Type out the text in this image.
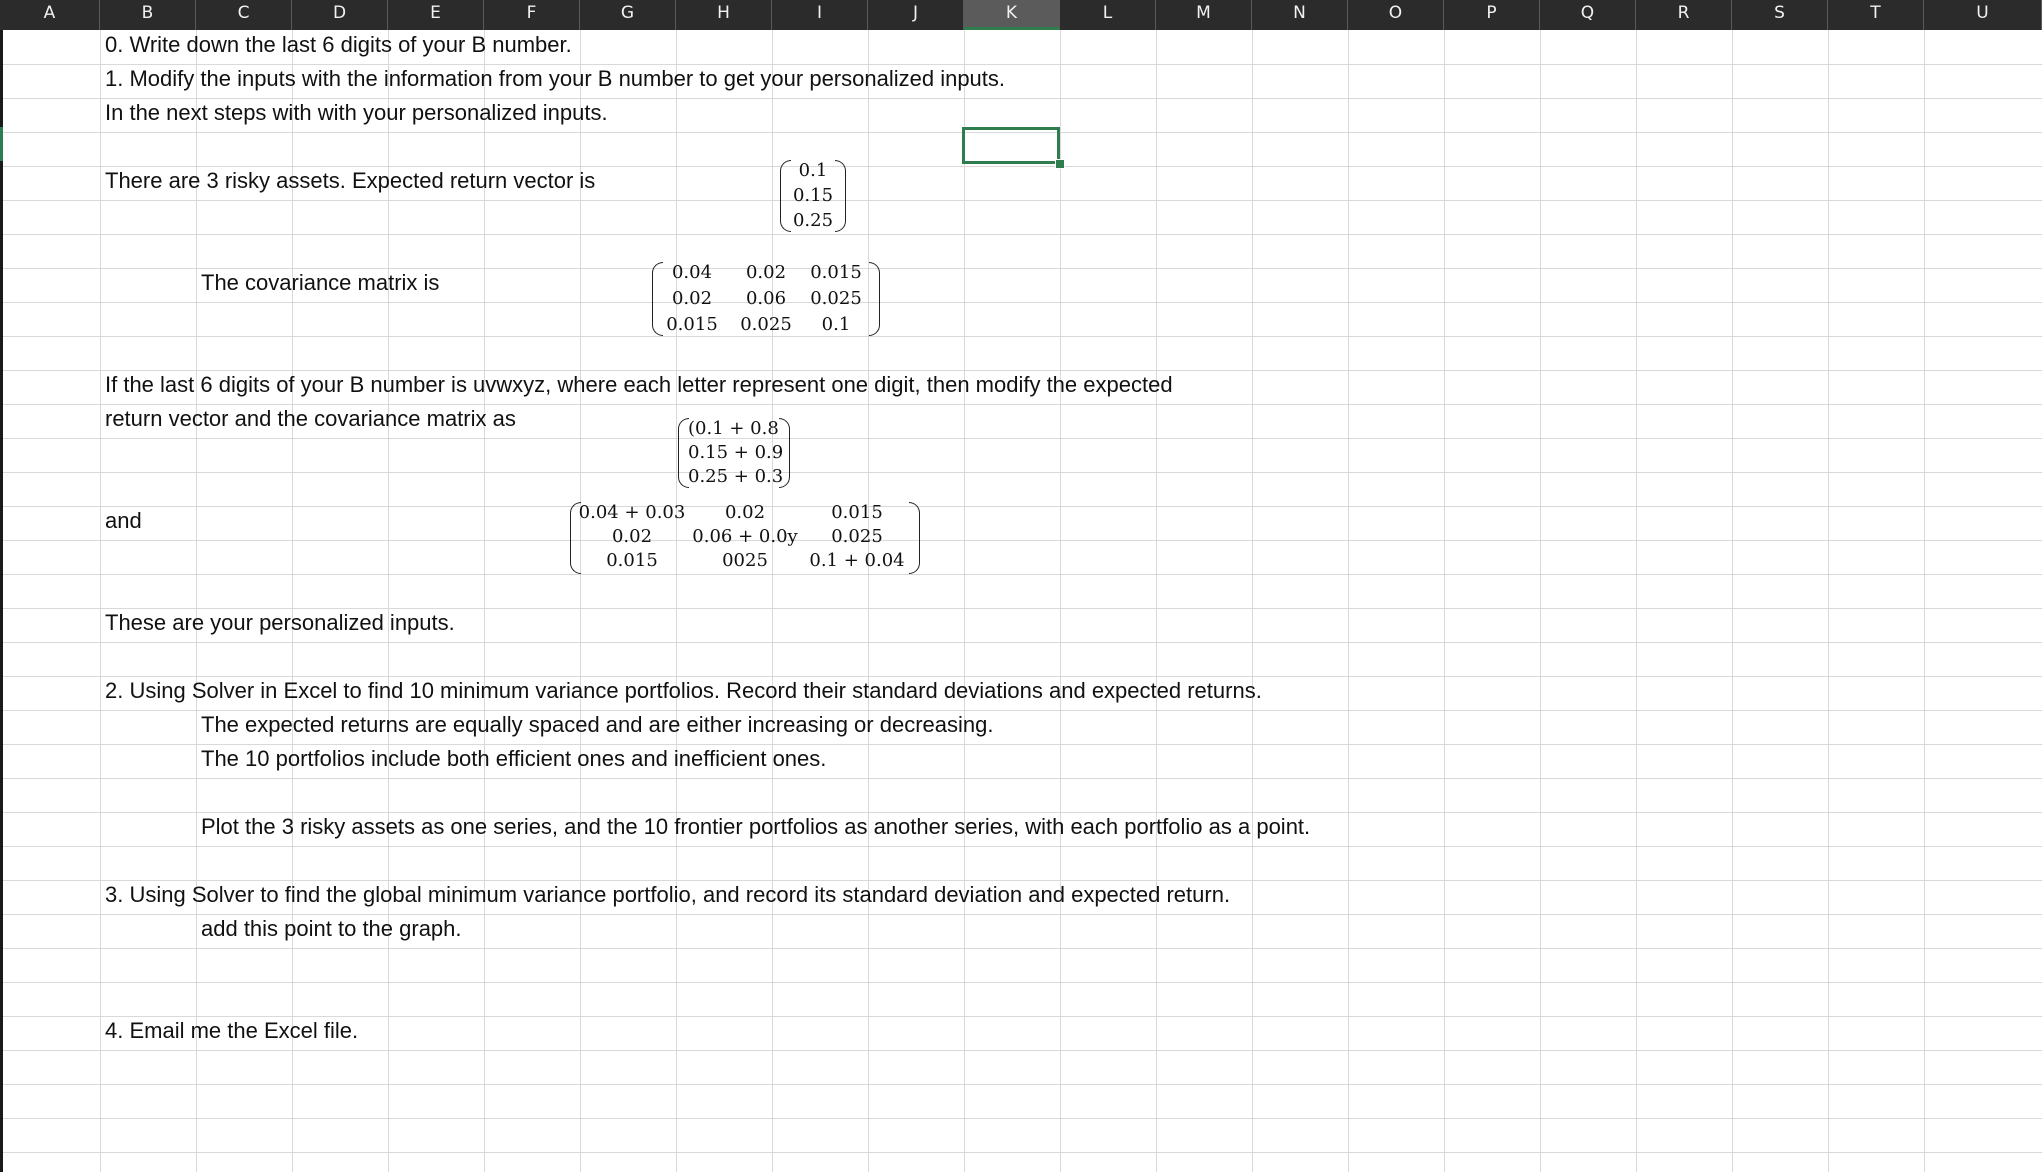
A	B	C	D	E	F	G	H	I	J	K	L	M	N	O	P	Q	R	S	T	U
0. Write down the last 6 digits of your B number.
1. Modify the inputs with the information from your B number to get your personalized inputs.
In the next steps with with your personalized inputs.
There are 3 risky assets. Expected return vector is
The covariance matrix is
If the last 6 digits of your B number is uvwxyz, where each letter represent one digit, then modify the expected
return vector and the covariance matrix as
and
These are your personalized inputs.
2. Using Solver in Excel to find 10 minimum variance portfolios. Record their standard deviations and expected returns.
The expected returns are equally spaced and are either increasing or decreasing.
The 10 portfolios include both efficient ones and inefficient ones.
Plot the 3 risky assets as one series, and the 10 frontier portfolios as another series, with each portfolio as a point.
3. Using Solver to find the global minimum variance portfolio, and record its standard deviation and expected return.
add this point to the graph.
4. Email me the Excel file.
0.1
0.15
0.25
0.04	0.02	0.015
0.02	0.06	0.025
0.015 0.025	0.1
(0.1 + 0.8
0.15 + 0.9
0.25 + 0.3
0.04 + 0.03	0.02	0.015
0.02	0.06 + 0.0y	0.025
0.015	0025	0.1 + 0.04
